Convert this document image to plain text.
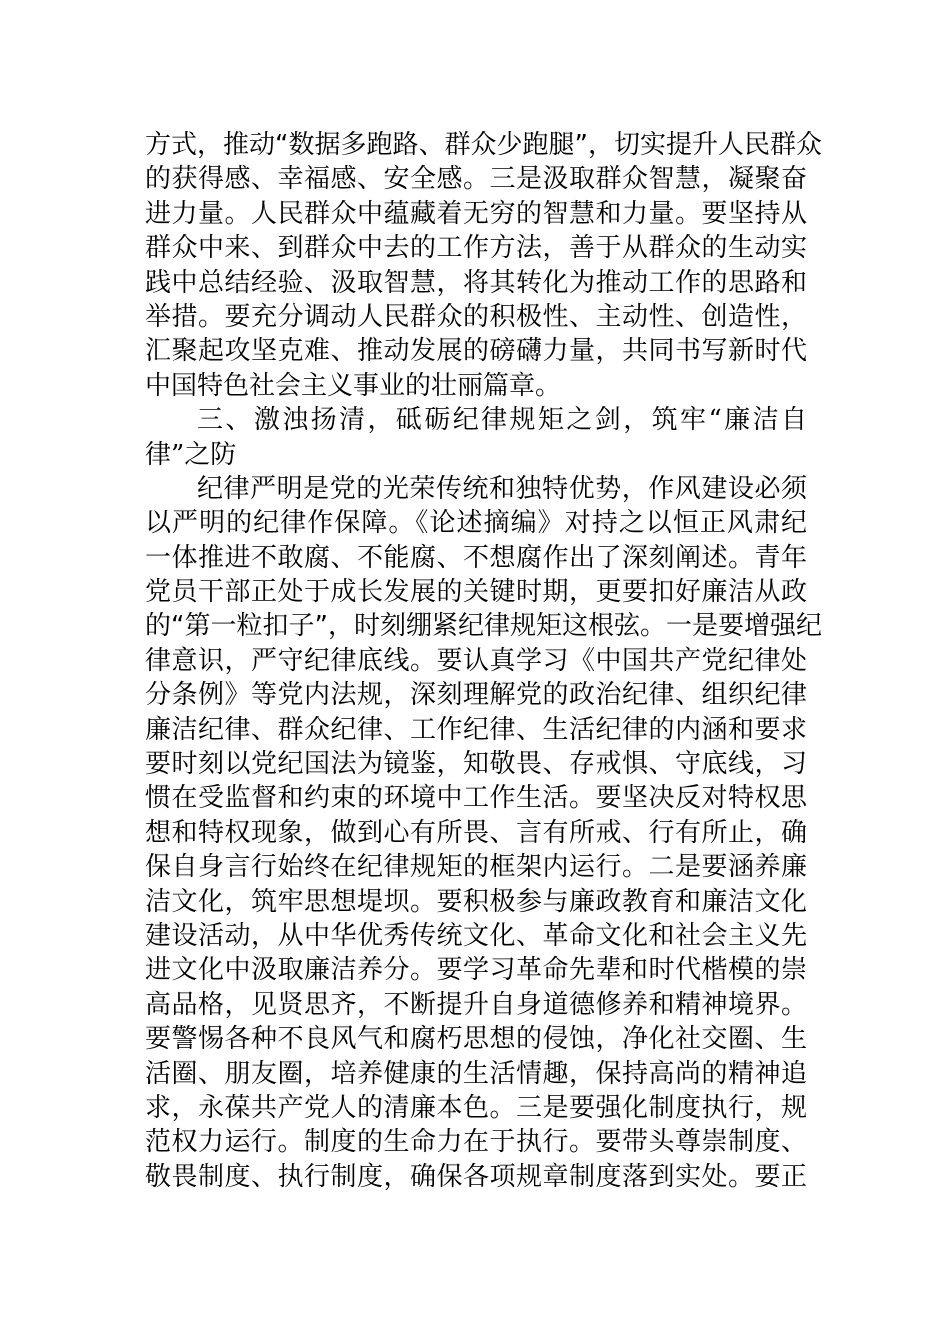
方式，推动“数据多跑路、群众少跑腿”，切实提升人民群众
的获得感、幸福感、安全感。三是汲取群众智慧，凝聚奋
进力量。人民群众中蕴藏着无穷的智慧和力量。要坚持从
群众中来、到群众中去的工作方法，善于从群众的生动实
践中总结经验、汲取智慧，将其转化为推动工作的思路和
举措。要充分调动人民群众的积极性、主动性、创造性，
汇聚起攻坚克难、推动发展的磅礴力量，共同书写新时代
中国特色社会主义事业的壮丽篇章。
三、激浊扬清，砥砺纪律规矩之剑，筑牢“廉洁自
律”之防
纪律严明是党的光荣传统和独特优势，作风建设必须
以严明的纪律作保障。《论述摘编》对持之以恒正风肃纪
一体推进不敢腐、不能腐、不想腐作出了深刻阐述。青年
党员干部正处于成长发展的关键时期，更要扣好廉洁从政
的“第一粒扣子”，时刻绷紧纪律规矩这根弦。一是要增强纪
律意识，严守纪律底线。要认真学习《中国共产党纪律处
分条例》等党内法规，深刻理解党的政治纪律、组织纪律
廉洁纪律、群众纪律、工作纪律、生活纪律的内涵和要求
要时刻以党纪国法为镜鉴，知敬畏、存戒惧、守底线，习
惯在受监督和约束的环境中工作生活。要坚决反对特权思
想和特权现象，做到心有所畏、言有所戒、行有所止，确
保自身言行始终在纪律规矩的框架内运行。二是要涵养廉
洁文化，筑牢思想堤坝。要积极参与廉政教育和廉洁文化
建设活动，从中华优秀传统文化、革命文化和社会主义先
进文化中汲取廉洁养分。要学习革命先辈和时代楷模的崇
高品格，见贤思齐，不断提升自身道德修养和精神境界。
要警惕各种不良风气和腐朽思想的侵蚀，净化社交圈、生
活圈、朋友圈，培养健康的生活情趣，保持高尚的精神追
求，永葆共产党人的清廉本色。三是要强化制度执行，规
范权力运行。制度的生命力在于执行。要带头尊崇制度、
敬畏制度、执行制度，确保各项规章制度落到实处。要正
